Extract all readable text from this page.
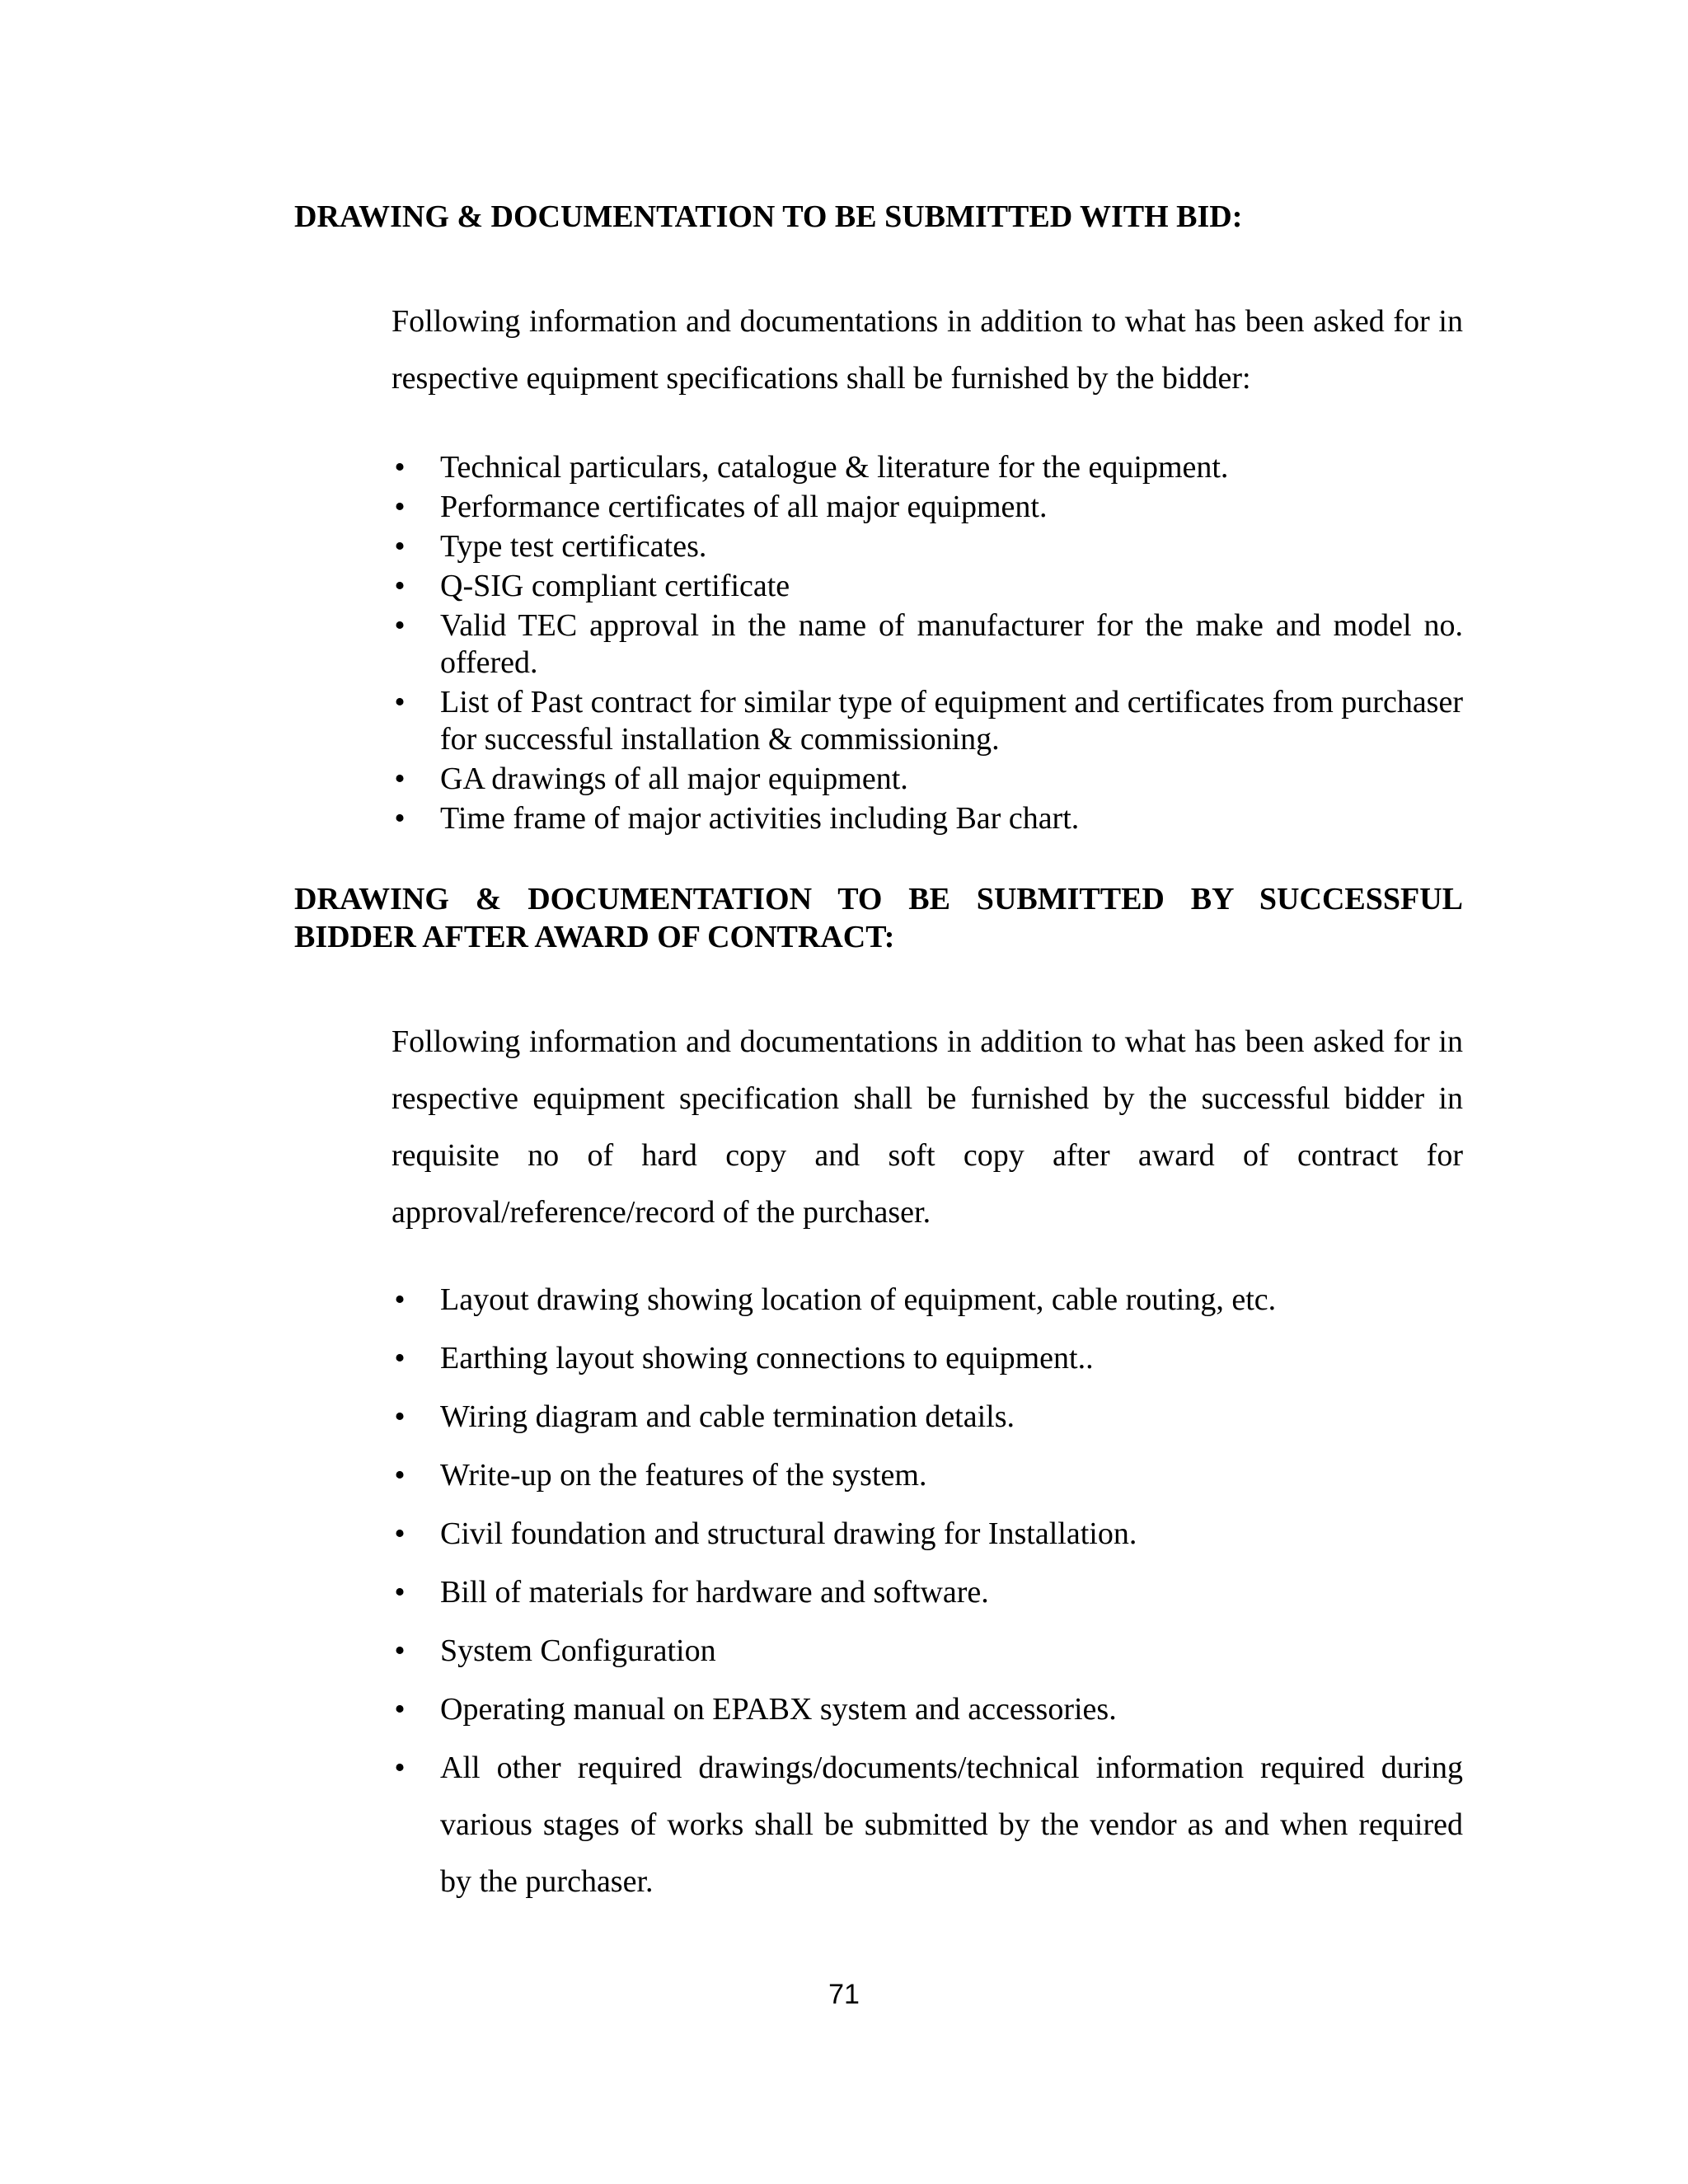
DRAWING & DOCUMENTATION TO BE SUBMITTED WITH BID:

Following information and documentations in addition to what has been asked for in respective equipment specifications shall be furnished by the bidder:

• Technical particulars, catalogue & literature for the equipment.
• Performance certificates of all major equipment.
• Type test certificates.
• Q-SIG compliant certificate
• Valid TEC approval in the name of manufacturer for the make and model no. offered.
• List of Past contract for similar type of equipment and certificates from purchaser for successful installation & commissioning.
• GA drawings of all major equipment.
• Time frame of major activities including Bar chart.
DRAWING & DOCUMENTATION TO BE SUBMITTED BY SUCCESSFUL
BIDDER AFTER AWARD OF CONTRACT:

Following information and documentations in addition to what has been asked for in respective equipment specification shall be furnished by the successful bidder in requisite no of hard copy and soft copy after award of contract for approval/reference/record of the purchaser.

• Layout drawing showing location of equipment, cable routing, etc.
• Earthing layout showing connections to equipment..
• Wiring diagram and cable termination details.
• Write-up on the features of the system.
• Civil foundation and structural drawing for Installation.
• Bill of materials for hardware and software.
• System Configuration
• Operating manual on EPABX system and accessories.
• All other required drawings/documents/technical information required during various stages of works shall be submitted by the vendor as and when required by the purchaser.
71
